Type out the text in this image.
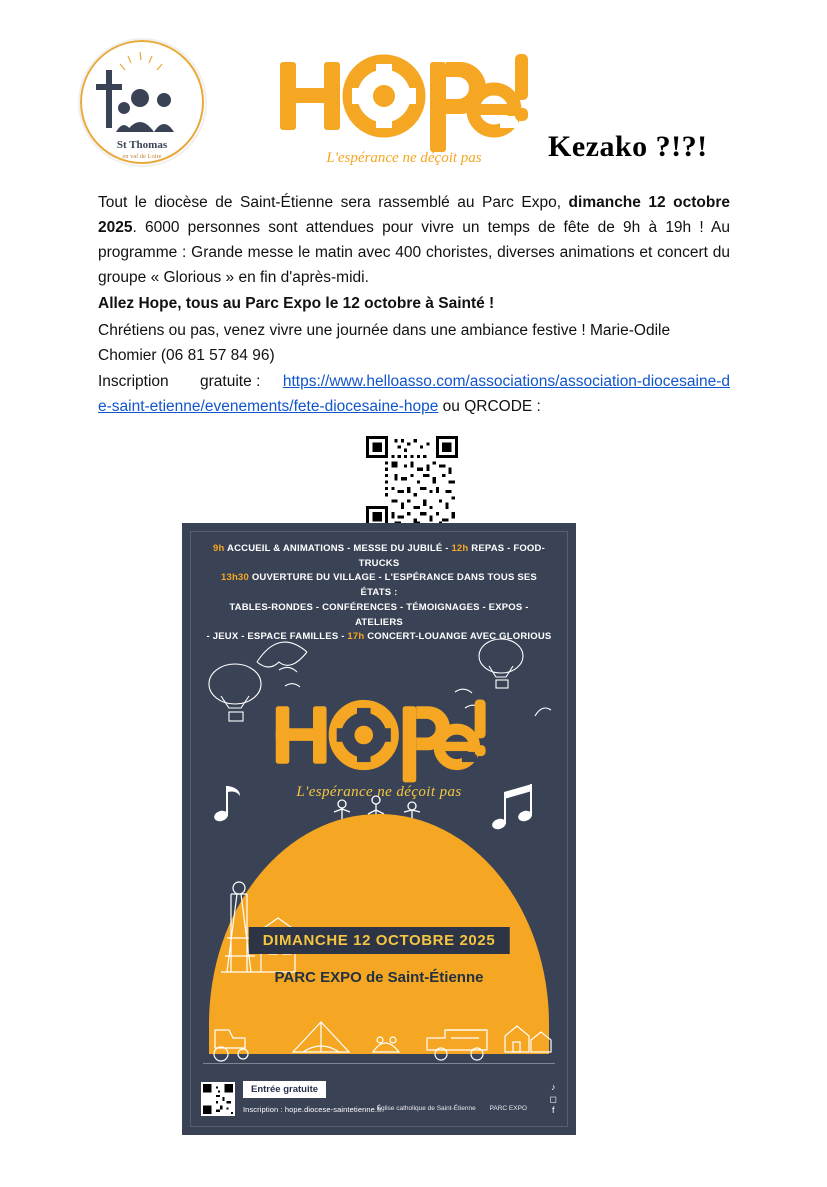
St Thomas
en val de Loire	L'espérance ne déçoit pas Kezako ?!?!

Tout le diocèse de Saint-Étienne sera rassemblé au Parc Expo, dimanche 12 octobre 2025. 6000 personnes sont attendues pour vivre un temps de fête de 9h à 19h ! Au programme : Grande messe le matin avec 400 choristes, diverses animations et concert du groupe « Glorious » en fin d'après-midi.

Allez Hope, tous au Parc Expo le 12 octobre à Sainté !

Chrétiens ou pas, venez vivre une journée dans une ambiance festive ! Marie-Odile Chomier (06 81 57 84 96)

Inscription gratuite : https://www.helloasso.com/associations/association-diocesaine-de-saint-etienne/evenements/fete-diocesaine-hope ou QRCODE :

9h ACCUEIL & ANIMATIONS - MESSE DU JUBILÉ - 12h REPAS - FOOD-TRUCKS
13h30 OUVERTURE DU VILLAGE - L'ESPÉRANCE DANS TOUS SES ÉTATS :
TABLES-RONDES - CONFÉRENCES - TÉMOIGNAGES - EXPOS - ATELIERS
- JEUX - ESPACE FAMILLES - 17h CONCERT-LOUANGE AVEC GLORIOUS
L'espérance ne déçoit pas
DIMANCHE 12 OCTOBRE 2025
PARC EXPO de Saint-Étienne
Entrée gratuite
Inscription : hope.diocese-saintetienne.fr
Église catholique de Saint-Étienne PARC EXPO
♪
◻
f
